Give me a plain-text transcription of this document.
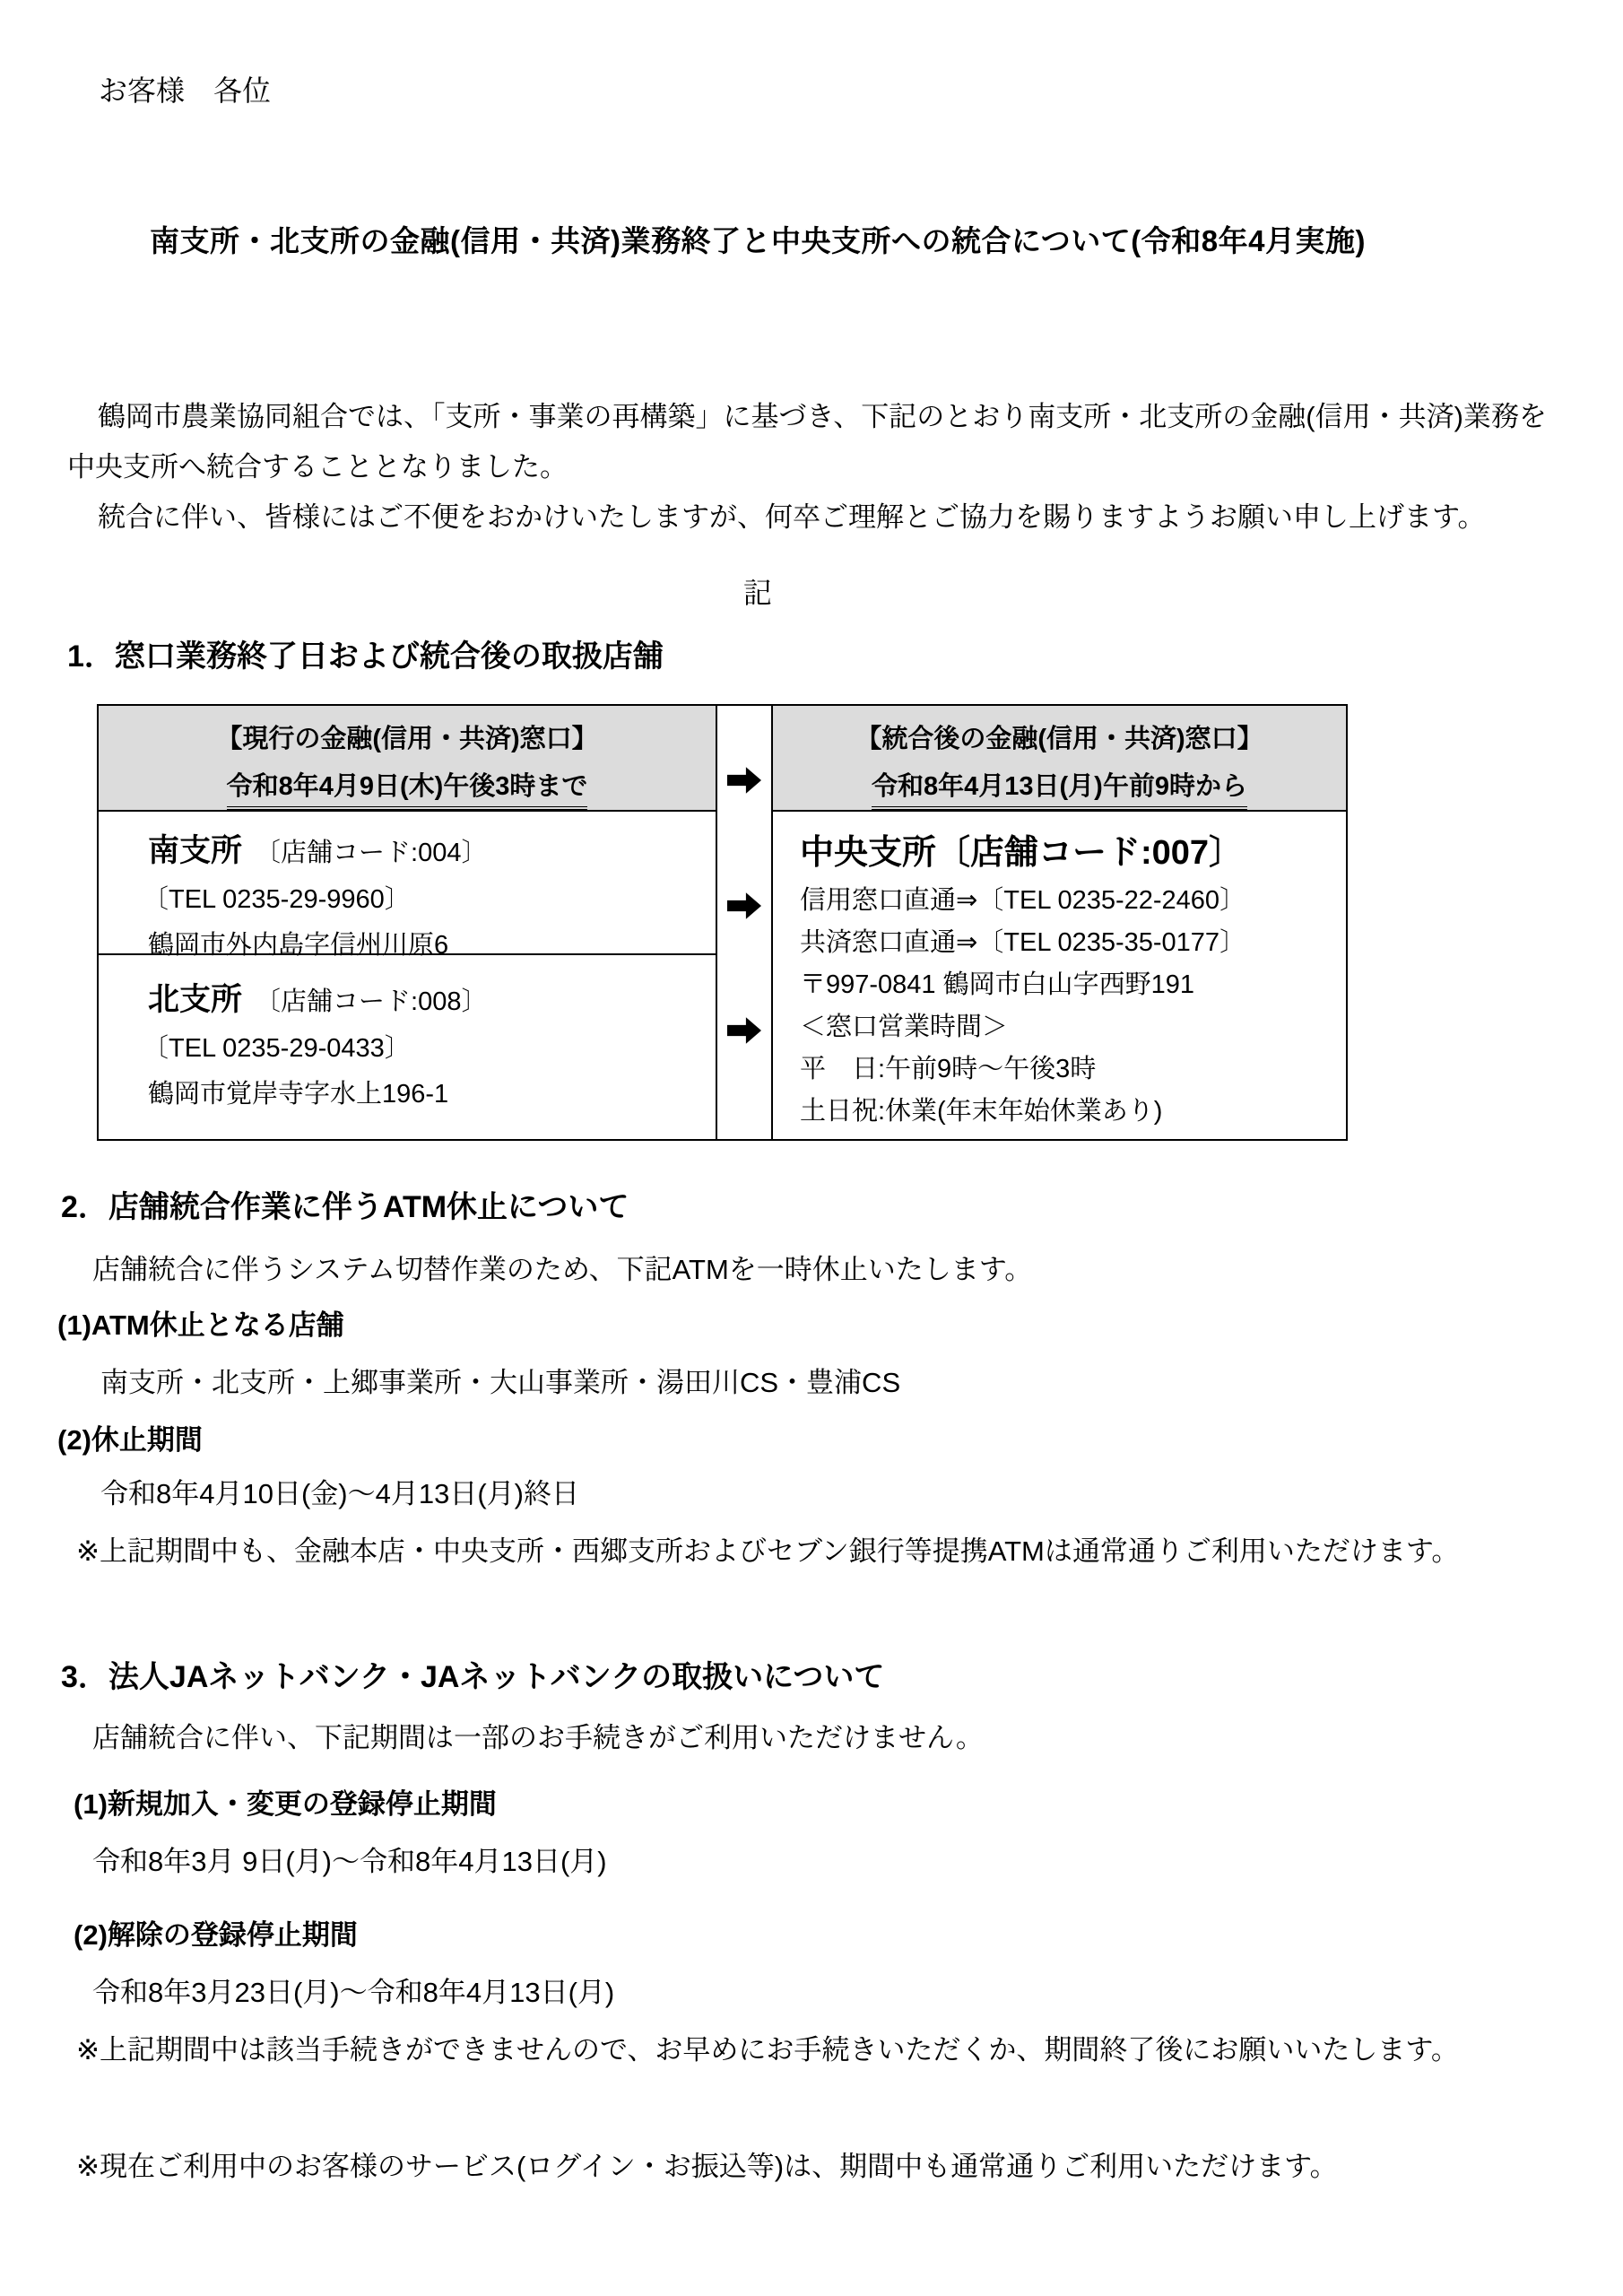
お客様　各位
南支所・北支所の金融(信用・共済)業務終了と中央支所への統合について(令和8年4月実施)
鶴岡市農業協同組合では、「支所・事業の再構築」に基づき、下記のとおり南支所・北支所の金融(信用・共済)業務を中央支所へ統合することとなりました。
統合に伴い、皆様にはご不便をおかけいたしますが、何卒ご理解とご協力を賜りますようお願い申し上げます。
記
1．窓口業務終了日および統合後の取扱店舗
【現行の金融(信用・共済)窓口】
令和8年4月9日(木)午後3時まで
【統合後の金融(信用・共済)窓口】
令和8年4月13日(月)午前9時から
南支所 〔店舗コード:004〕
〔TEL 0235-29-9960〕
鶴岡市外内島字信州川原6
北支所 〔店舗コード:008〕
〔TEL 0235-29-0433〕
鶴岡市覚岸寺字水上196-1
中央支所〔店舗コード:007〕
信用窓口直通⇒〔TEL 0235-22-2460〕
共済窓口直通⇒〔TEL 0235-35-0177〕
〒997-0841 鶴岡市白山字西野191
＜窓口営業時間＞
平　日:午前9時～午後3時
土日祝:休業(年末年始休業あり)
2．店舗統合作業に伴うATM休止について
店舗統合に伴うシステム切替作業のため、下記ATMを一時休止いたします。
(1)ATM休止となる店舗
南支所・北支所・上郷事業所・大山事業所・湯田川CS・豊浦CS
(2)休止期間
令和8年4月10日(金)～4月13日(月)終日
※上記期間中も、金融本店・中央支所・西郷支所およびセブン銀行等提携ATMは通常通りご利用いただけます。
3．法人JAネットバンク・JAネットバンクの取扱いについて
店舗統合に伴い、下記期間は一部のお手続きがご利用いただけません。
(1)新規加入・変更の登録停止期間
令和8年3月 9日(月)～令和8年4月13日(月)
(2)解除の登録停止期間
令和8年3月23日(月)～令和8年4月13日(月)
※上記期間中は該当手続きができませんので、お早めにお手続きいただくか、期間終了後にお願いいたします。
※現在ご利用中のお客様のサービス(ログイン・お振込等)は、期間中も通常通りご利用いただけます。
